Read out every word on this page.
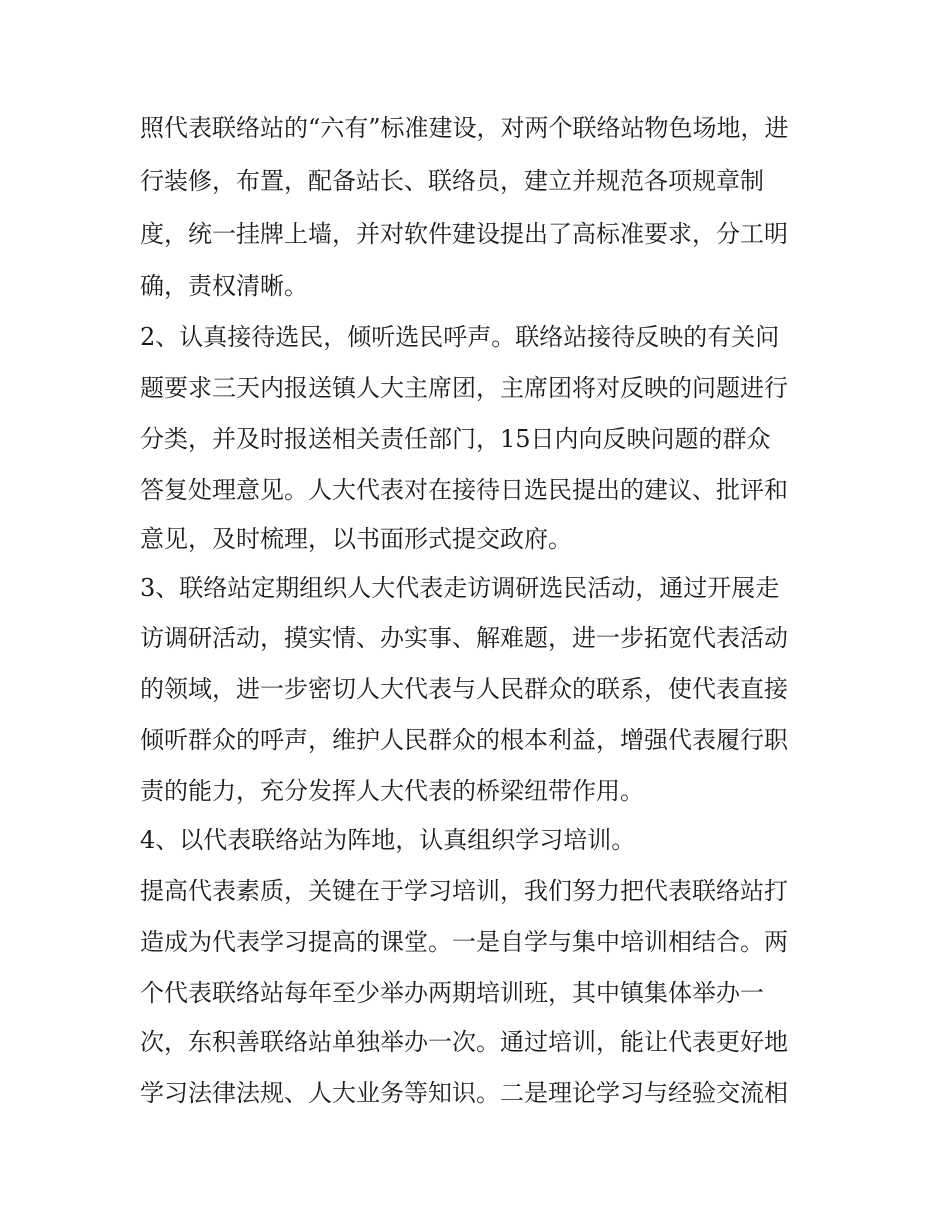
照代表联络站的“六有”标准建设，对两个联络站物色场地，进
行装修，布置，配备站长、联络员，建立并规范各项规章制
度，统一挂牌上墙，并对软件建设提出了高标准要求，分工明
确，责权清晰。
2、认真接待选民，倾听选民呼声。联络站接待反映的有关问
题要求三天内报送镇人大主席团，主席团将对反映的问题进行
分类，并及时报送相关责任部门，15日内向反映问题的群众
答复处理意见。人大代表对在接待日选民提出的建议、批评和
意见，及时梳理，以书面形式提交政府。
3、联络站定期组织人大代表走访调研选民活动，通过开展走
访调研活动，摸实情、办实事、解难题，进一步拓宽代表活动
的领域，进一步密切人大代表与人民群众的联系，使代表直接
倾听群众的呼声，维护人民群众的根本利益，增强代表履行职
责的能力，充分发挥人大代表的桥梁纽带作用。
4、以代表联络站为阵地，认真组织学习培训。
提高代表素质，关键在于学习培训，我们努力把代表联络站打
造成为代表学习提高的课堂。一是自学与集中培训相结合。两
个代表联络站每年至少举办两期培训班，其中镇集体举办一
次，东积善联络站单独举办一次。通过培训，能让代表更好地
学习法律法规、人大业务等知识。二是理论学习与经验交流相
